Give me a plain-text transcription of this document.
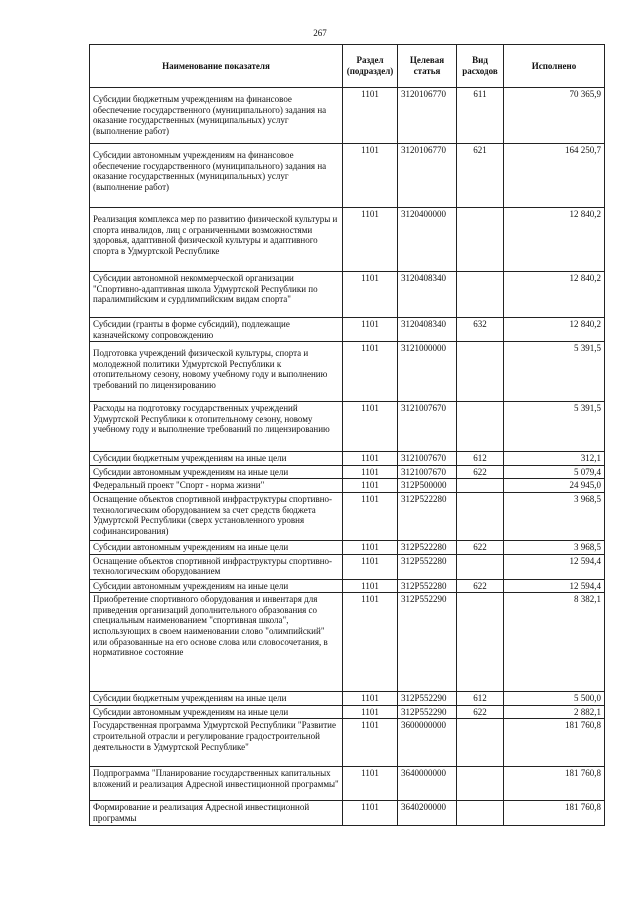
267
Наименование показателя	Раздел (подраздел)	Целевая статья	Вид расходов	Исполнено
Субсидии бюджетным учреждениям на финансовое обеспечение государственного (муниципального) задания на оказание государственных (муниципальных) услуг (выполнение работ)	1101	3120106770	611	70 365,9
Субсидии автономным учреждениям на финансовое обеспечение государственного (муниципального) задания на оказание государственных (муниципальных) услуг (выполнение работ)	1101	3120106770	621	164 250,7
Реализация комплекса мер по развитию физической культуры и спорта инвалидов, лиц с ограниченными возможностями здоровья, адаптивной физической культуры и адаптивного спорта в Удмуртской Республике	1101	3120400000		12 840,2
Субсидии автономной некоммерческой организации "Спортивно-адаптивная школа Удмуртской Республики по паралимпийским и сурдлимпийским видам спорта"	1101	3120408340		12 840,2
Субсидии (гранты в форме субсидий), подлежащие казначейскому сопровождению	1101	3120408340	632	12 840,2
Подготовка учреждений физической культуры, спорта и молодежной политики Удмуртской Республики к отопительному сезону, новому учебному году и выполнению требований по лицензированию	1101	3121000000		5 391,5
Расходы на подготовку государственных учреждений Удмуртской Республики к отопительному сезону, новому учебному году и выполнение требований по лицензированию	1101	3121007670		5 391,5
Субсидии бюджетным учреждениям на иные цели	1101	3121007670	612	312,1
Субсидии автономным учреждениям на иные цели	1101	3121007670	622	5 079,4
Федеральный проект "Спорт - норма жизни"	1101	312P500000		24 945,0
Оснащение объектов спортивной инфраструктуры спортивно-технологическим оборудованием за счет средств бюджета Удмуртской Республики (сверх установленного уровня софинансирования)	1101	312P522280		3 968,5
Субсидии автономным учреждениям на иные цели	1101	312P522280	622	3 968,5
Оснащение объектов спортивной инфраструктуры спортивно-технологическим оборудованием	1101	312P552280		12 594,4
Субсидии автономным учреждениям на иные цели	1101	312P552280	622	12 594,4
Приобретение спортивного оборудования и инвентаря для приведения организаций дополнительного образования со специальным наименованием "спортивная школа", использующих в своем наименовании слово "олимпийский" или образованные на его основе слова или словосочетания, в нормативное состояние	1101	312P552290		8 382,1
Субсидии бюджетным учреждениям на иные цели	1101	312P552290	612	5 500,0
Субсидии автономным учреждениям на иные цели	1101	312P552290	622	2 882,1
Государственная программа Удмуртской Республики "Развитие строительной отрасли и регулирование градостроительной деятельности в Удмуртской Республике"	1101	3600000000		181 760,8
Подпрограмма "Планирование государственных капитальных вложений и реализация Адресной инвестиционной программы"	1101	3640000000		181 760,8
Формирование и реализация Адресной инвестиционной программы	1101	3640200000		181 760,8
